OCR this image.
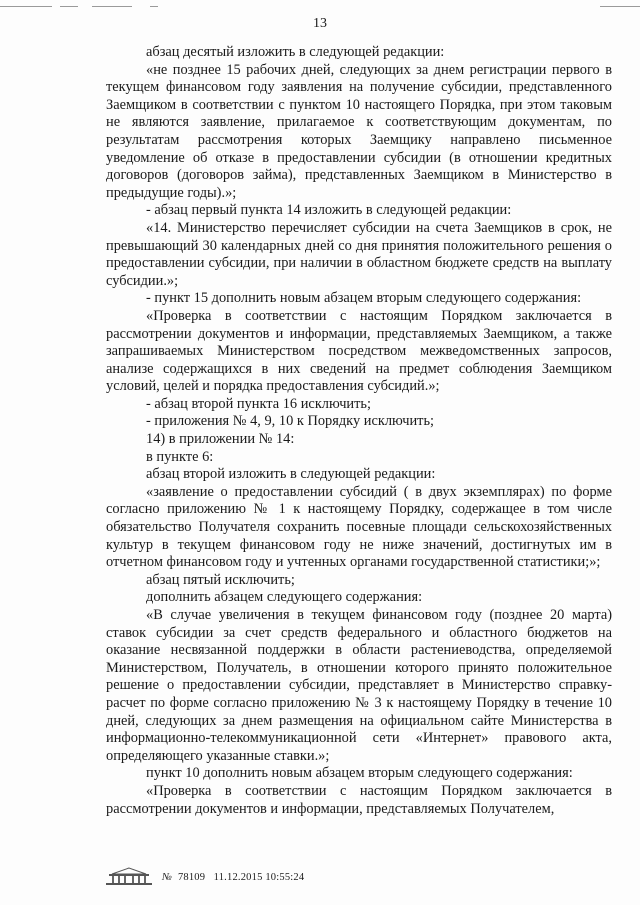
13

абзац десятый изложить в следующей редакции:

«не позднее 15 рабочих дней, следующих за днем регистрации первого в текущем финансовом году заявления на получение субсидии, представленного Заемщиком в соответствии с пунктом 10 настоящего Порядка, при этом таковым не являются заявление, прилагаемое к соответствующим документам, по результатам рассмотрения которых Заемщику направлено письменное уведомление об отказе в предоставлении субсидии (в отношении кредитных договоров (договоров займа), представленных Заемщиком в Министерство в предыдущие годы).»;

- абзац первый пункта 14 изложить в следующей редакции:

«14. Министерство перечисляет субсидии на счета Заемщиков в срок, не превышающий 30 календарных дней со дня принятия положительного решения о предоставлении субсидии, при наличии в областном бюджете средств на выплату субсидии.»;

- пункт 15 дополнить новым абзацем вторым следующего содержания:

«Проверка в соответствии с настоящим Порядком заключается в рассмотрении документов и информации, представляемых Заемщиком, а также запрашиваемых Министерством посредством межведомственных запросов, анализе содержащихся в них сведений на предмет соблюдения Заемщиком условий, целей и порядка предоставления субсидий.»;

- абзац второй пункта 16 исключить;

- приложения № 4, 9, 10 к Порядку исключить;

14) в приложении № 14:

в пункте 6:

абзац второй изложить в следующей редакции:

«заявление о предоставлении субсидий ( в двух экземплярах) по форме согласно приложению № 1 к настоящему Порядку, содержащее в том числе обязательство Получателя сохранить посевные площади сельскохозяйственных культур в текущем финансовом году не ниже значений, достигнутых им в отчетном финансовом году и учтенных органами государственной статистики;»;

абзац пятый исключить;

дополнить абзацем следующего содержания:

«В случае увеличения в текущем финансовом году (позднее 20 марта) ставок субсидии за счет средств федерального и областного бюджетов на оказание несвязанной поддержки в области растениеводства, определяемой Министерством, Получатель, в отношении которого принято положительное решение о предоставлении субсидии, представляет в Министерство справку-расчет по форме согласно приложению № 3 к настоящему Порядку в течение 10 дней, следующих за днем размещения на официальном сайте Министерства в информационно-телекоммуникационной сети «Интернет» правового акта, определяющего указанные ставки.»;

пункт 10 дополнить новым абзацем вторым следующего содержания:

«Проверка в соответствии с настоящим Порядком заключается в рассмотрении документов и информации, представляемых Получателем,

№ 78109 11.12.2015 10:55:24
